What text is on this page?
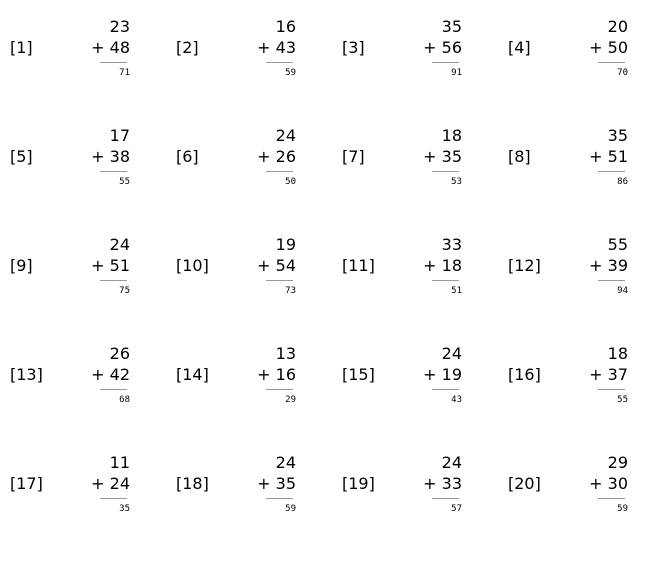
[1]
23
+ 48
71
[2]
16
+ 43
59
[3]
35
+ 56
91
[4]
20
+ 50
70
[5]
17
+ 38
55
[6]
24
+ 26
50
[7]
18
+ 35
53
[8]
35
+ 51
86
[9]
24
+ 51
75
[10]
19
+ 54
73
[11]
33
+ 18
51
[12]
55
+ 39
94
[13]
26
+ 42
68
[14]
13
+ 16
29
[15]
24
+ 19
43
[16]
18
+ 37
55
[17]
11
+ 24
35
[18]
24
+ 35
59
[19]
24
+ 33
57
[20]
29
+ 30
59
